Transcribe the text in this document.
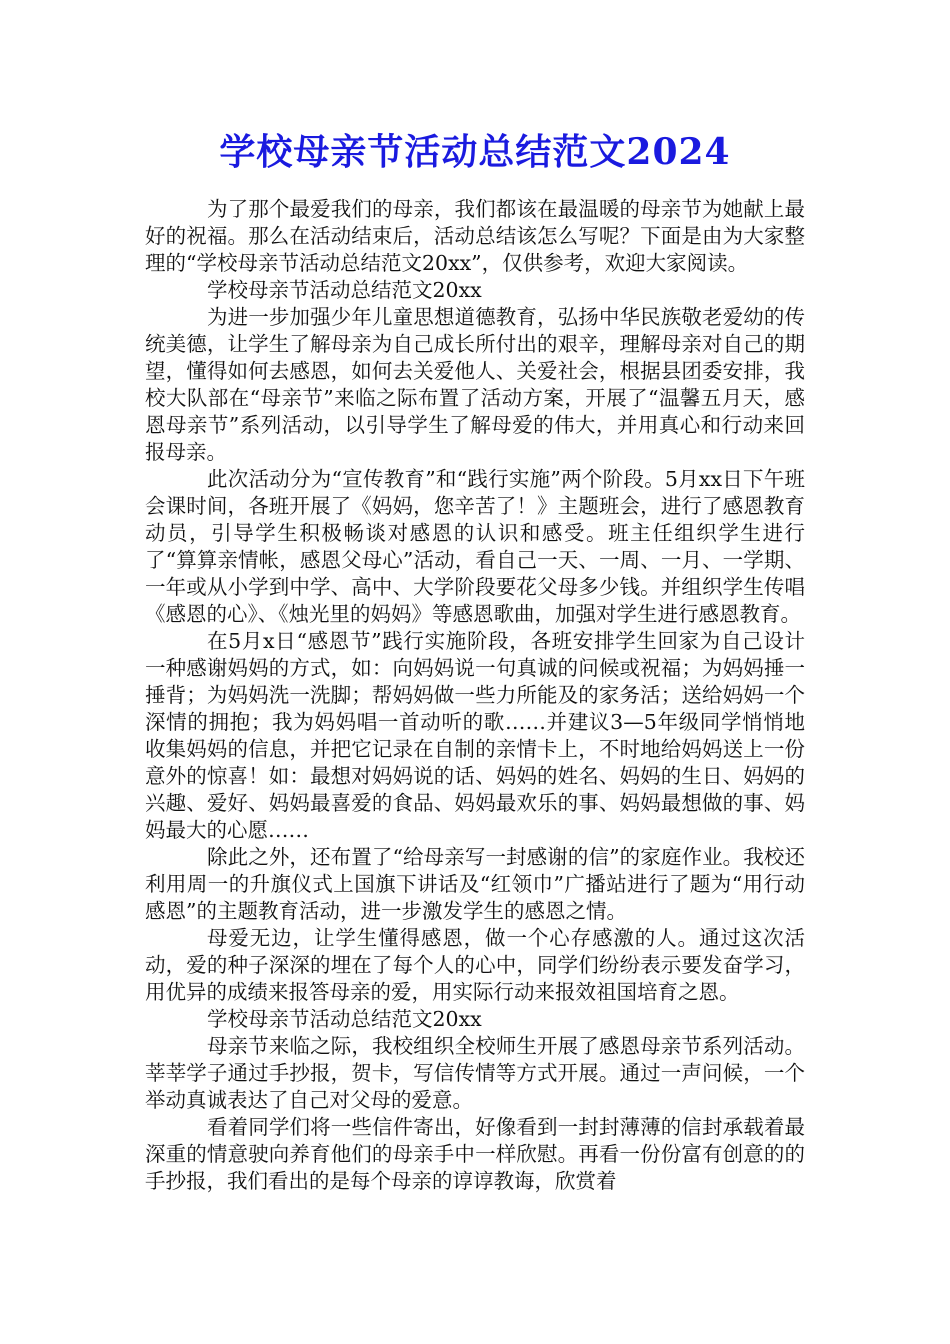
学校母亲节活动总结范文2024

为了那个最爱我们的母亲，我们都该在最温暖的母亲节为她献上最好的祝福。那么在活动结束后，活动总结该怎么写呢？下面是由为大家整理的“学校母亲节活动总结范文20xx”，仅供参考，欢迎大家阅读。

学校母亲节活动总结范文20xx

为进一步加强少年儿童思想道德教育，弘扬中华民族敬老爱幼的传统美德，让学生了解母亲为自己成长所付出的艰辛，理解母亲对自己的期望，懂得如何去感恩，如何去关爱他人、关爱社会，根据县团委安排，我校大队部在“母亲节”来临之际布置了活动方案，开展了“温馨五月天，感恩母亲节”系列活动，以引导学生了解母爱的伟大，并用真心和行动来回报母亲。

此次活动分为“宣传教育”和“践行实施”两个阶段。5月xx日下午班会课时间，各班开展了《妈妈，您辛苦了！》主题班会，进行了感恩教育动员，引导学生积极畅谈对感恩的认识和感受。班主任组织学生进行了“算算亲情帐，感恩父母心”活动，看自己一天、一周、一月、一学期、一年或从小学到中学、高中、大学阶段要花父母多少钱。并组织学生传唱《感恩的心》、《烛光里的妈妈》等感恩歌曲，加强对学生进行感恩教育。

在5月x日“感恩节”践行实施阶段，各班安排学生回家为自己设计一种感谢妈妈的方式，如：向妈妈说一句真诚的问候或祝福；为妈妈捶一捶背；为妈妈洗一洗脚；帮妈妈做一些力所能及的家务活；送给妈妈一个深情的拥抱；我为妈妈唱一首动听的歌……并建议3—5年级同学悄悄地收集妈妈的信息，并把它记录在自制的亲情卡上，不时地给妈妈送上一份意外的惊喜！如：最想对妈妈说的话、妈妈的姓名、妈妈的生日、妈妈的兴趣、爱好、妈妈最喜爱的食品、妈妈最欢乐的事、妈妈最想做的事、妈妈最大的心愿……

除此之外，还布置了“给母亲写一封感谢的信”的家庭作业。我校还利用周一的升旗仪式上国旗下讲话及“红领巾”广播站进行了题为“用行动感恩”的主题教育活动，进一步激发学生的感恩之情。

母爱无边，让学生懂得感恩，做一个心存感激的人。通过这次活动，爱的种子深深的埋在了每个人的心中，同学们纷纷表示要发奋学习，用优异的成绩来报答母亲的爱，用实际行动来报效祖国培育之恩。

学校母亲节活动总结范文20xx

母亲节来临之际，我校组织全校师生开展了感恩母亲节系列活动。莘莘学子通过手抄报，贺卡，写信传情等方式开展。通过一声问候，一个举动真诚表达了自己对父母的爱意。

看着同学们将一些信件寄出，好像看到一封封薄薄的信封承载着最深重的情意驶向养育他们的母亲手中一样欣慰。再看一份份富有创意的的手抄报，我们看出的是每个母亲的谆谆教诲，欣赏着
